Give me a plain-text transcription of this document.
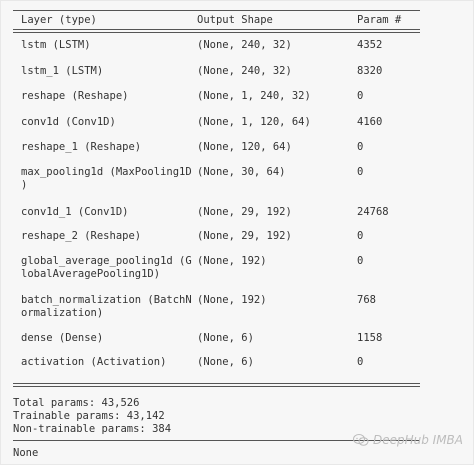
Layer (type)	Output Shape	Param #
lstm (LSTM)	(None, 240, 32)	4352
lstm_1 (LSTM)	(None, 240, 32)	8320
reshape (Reshape)	(None, 1, 240, 32)	0
conv1d (Conv1D)	(None, 1, 120, 64)	4160
reshape_1 (Reshape)	(None, 120, 64)	0
max_pooling1d (MaxPooling1D
)
(None, 30, 64)	0
conv1d_1 (Conv1D)	(None, 29, 192)	24768
reshape_2 (Reshape)	(None, 29, 192)	0
global_average_pooling1d (G
lobalAveragePooling1D)
(None, 192)	0
batch_normalization (BatchN
ormalization)
(None, 192)	768
dense (Dense)	(None, 6)	1158
activation (Activation)	(None, 6)	0
Total params: 43,526
Trainable params: 43,142
Non-trainable params: 384
None
DeepHub IMBA
